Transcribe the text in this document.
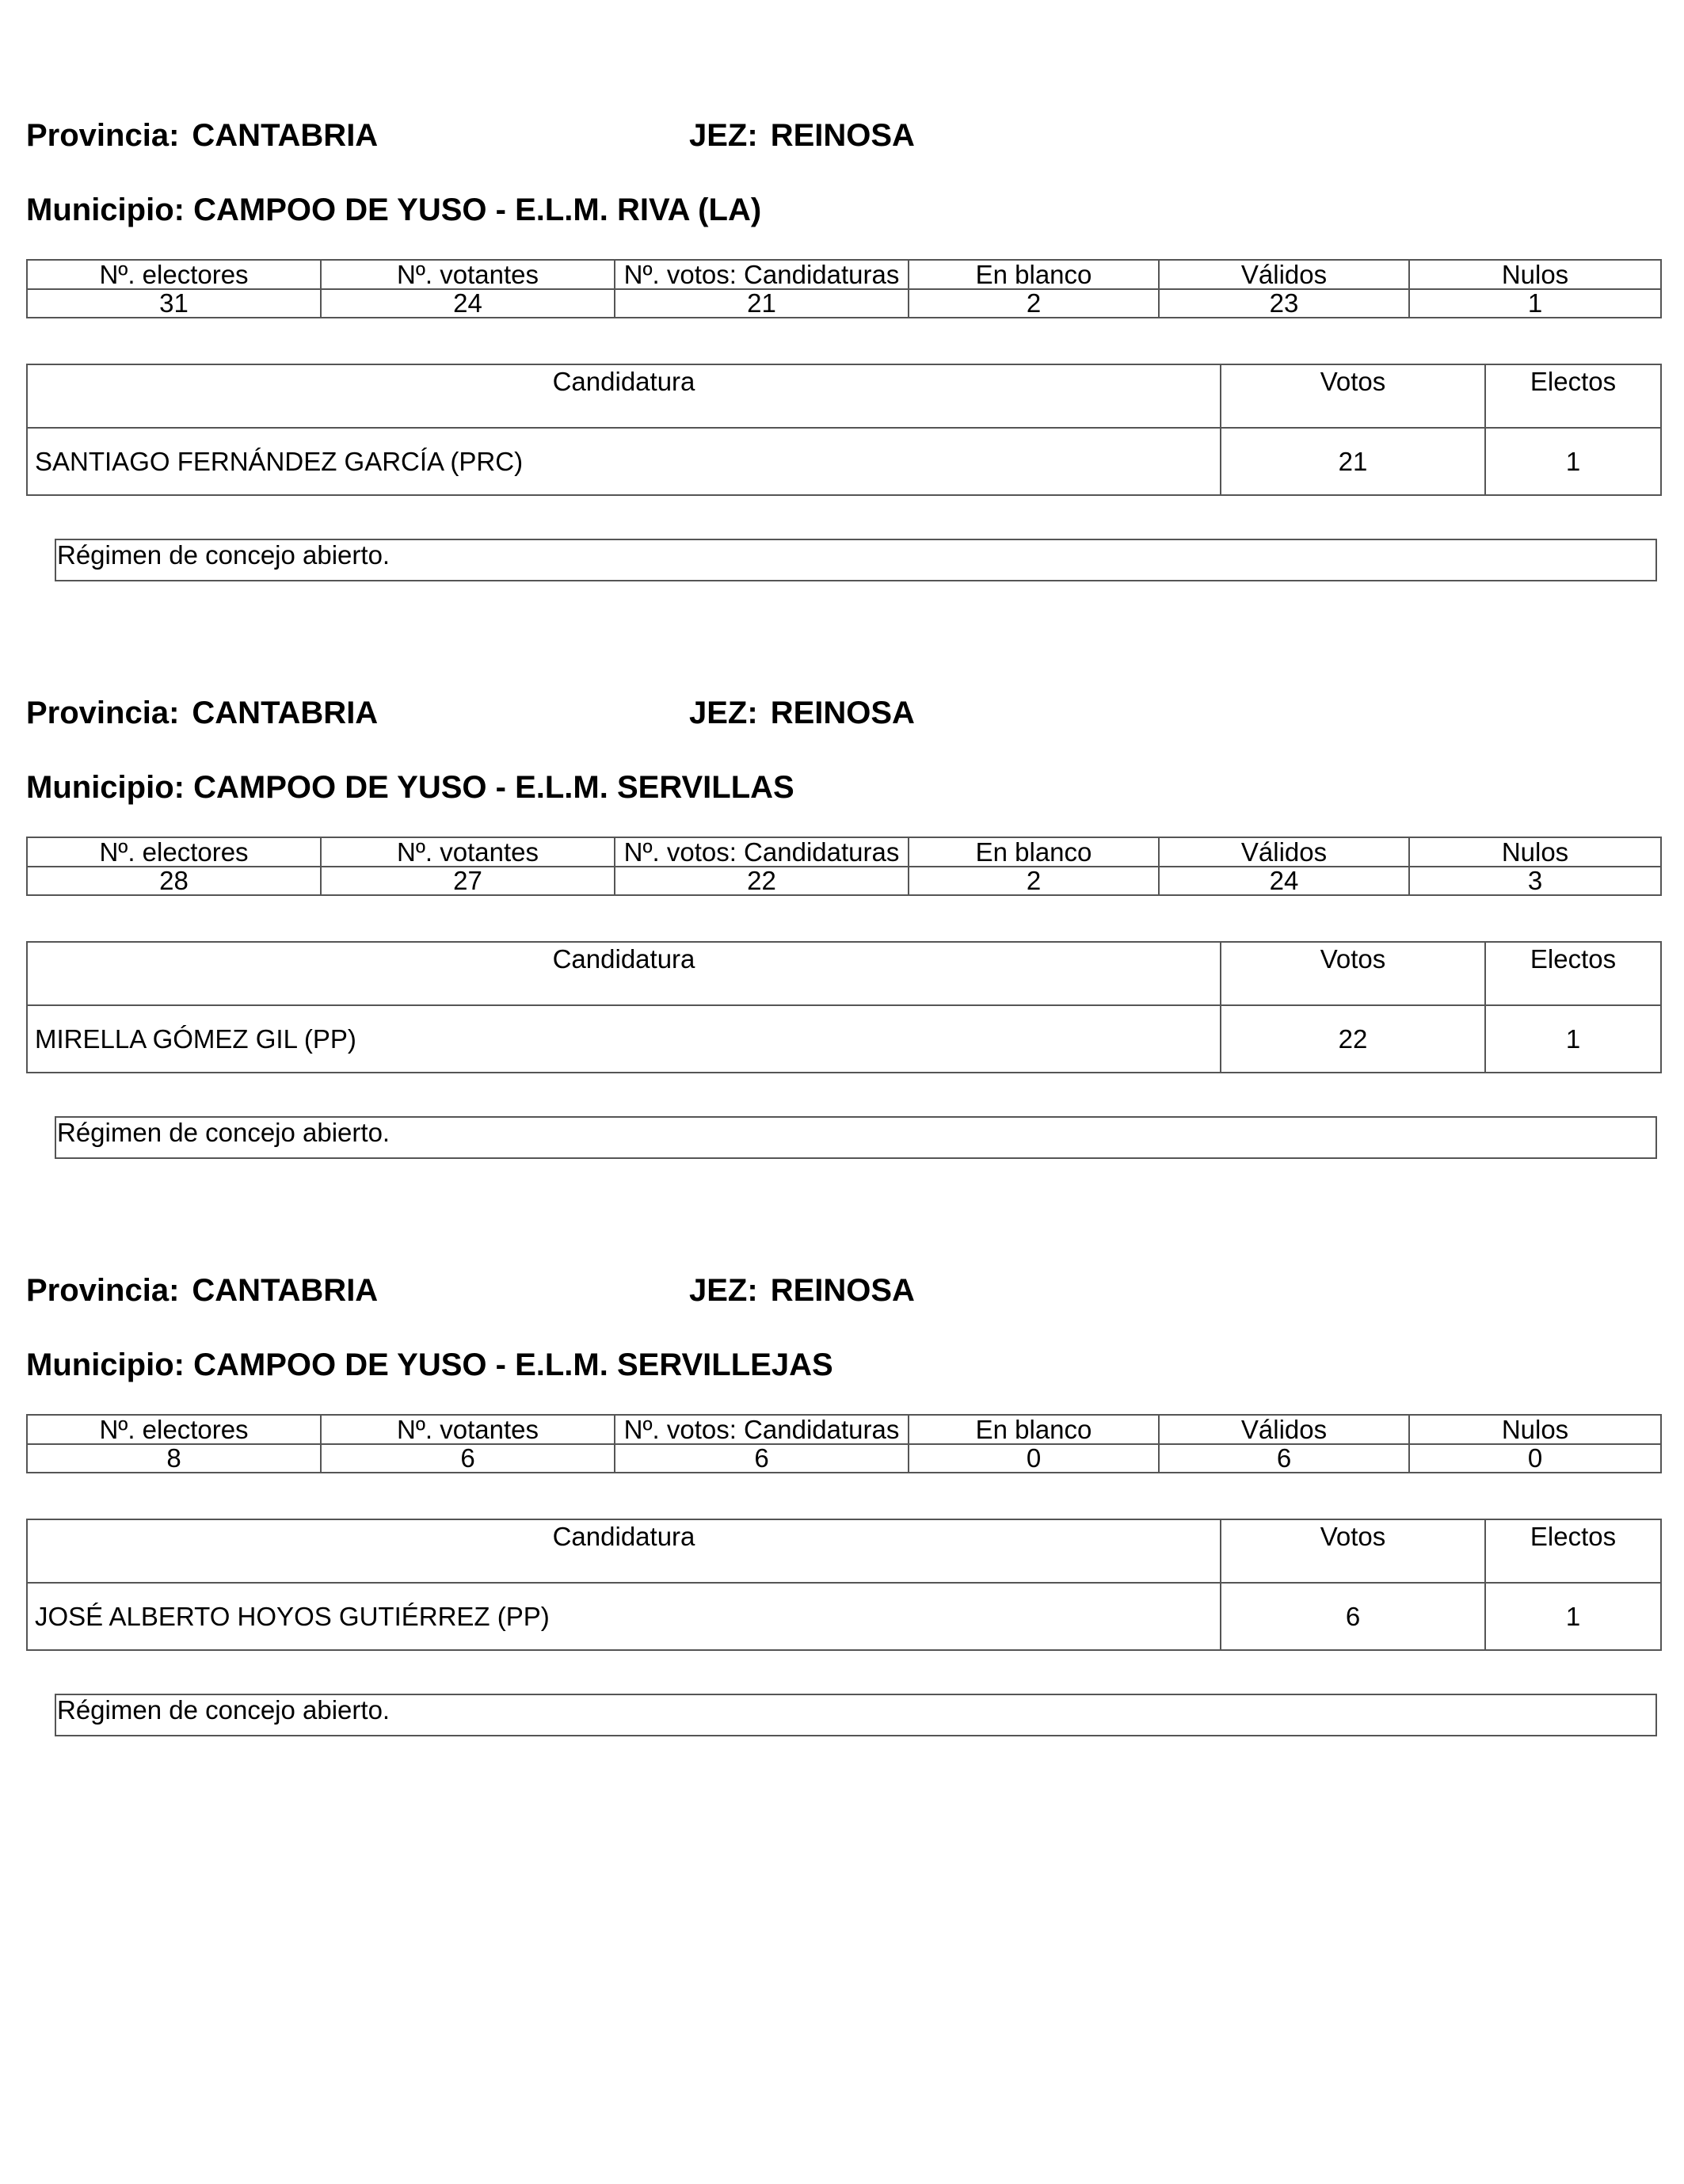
Provincia: CANTABRIA	JEZ: REINOSA
Municipio: CAMPOO DE YUSO - E.L.M. RIVA (LA)
Nº. electores	Nº. votantes	Nº. votos: Candidaturas	En blanco	Válidos	Nulos
31	24	21	2	23	1
Candidatura	Votos	Electos
SANTIAGO FERNÁNDEZ GARCÍA (PRC)	21	1
Régimen de concejo abierto.
Provincia: CANTABRIA	JEZ: REINOSA
Municipio: CAMPOO DE YUSO - E.L.M. SERVILLAS
Nº. electores	Nº. votantes	Nº. votos: Candidaturas	En blanco	Válidos	Nulos
28	27	22	2	24	3
Candidatura	Votos	Electos
MIRELLA GÓMEZ GIL (PP)	22	1
Régimen de concejo abierto.
Provincia: CANTABRIA	JEZ: REINOSA
Municipio: CAMPOO DE YUSO - E.L.M. SERVILLEJAS
Nº. electores	Nº. votantes	Nº. votos: Candidaturas	En blanco	Válidos	Nulos
8	6	6	0	6	0
Candidatura	Votos	Electos
JOSÉ ALBERTO HOYOS GUTIÉRREZ (PP)	6	1
Régimen de concejo abierto.
